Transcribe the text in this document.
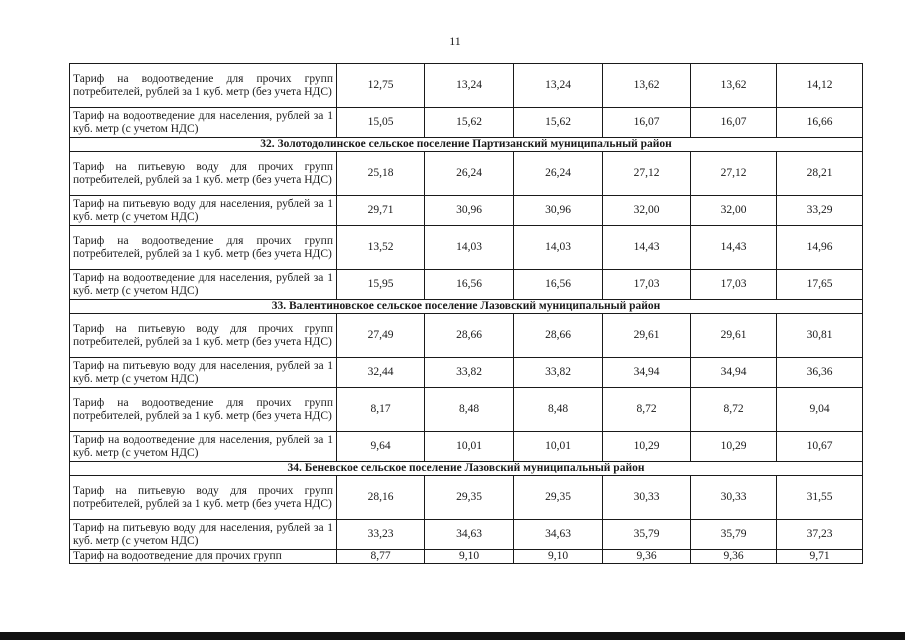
11
Тариф на водоотведение для прочих групп потребителей, рублей за 1 куб. метр (без учета НДС)	12,75	13,24	13,24	13,62	13,62	14,12
Тариф на водоотведение для населения, рублей за 1 куб. метр (с учетом НДС)	15,05	15,62	15,62	16,07	16,07	16,66
32. Золотодолинское сельское поселение Партизанский муниципальный район						
Тариф на питьевую воду для прочих групп потребителей, рублей за 1 куб. метр (без учета НДС)	25,18	26,24	26,24	27,12	27,12	28,21
Тариф на питьевую воду для населения, рублей за 1 куб. метр (с учетом НДС)	29,71	30,96	30,96	32,00	32,00	33,29
Тариф на водоотведение для прочих групп потребителей, рублей за 1 куб. метр (без учета НДС)	13,52	14,03	14,03	14,43	14,43	14,96
Тариф на водоотведение для населения, рублей за 1 куб. метр (с учетом НДС)	15,95	16,56	16,56	17,03	17,03	17,65
33. Валентиновское сельское поселение Лазовский муниципальный район						
Тариф на питьевую воду для прочих групп потребителей, рублей за 1 куб. метр (без учета НДС)	27,49	28,66	28,66	29,61	29,61	30,81
Тариф на питьевую воду для населения, рублей за 1 куб. метр (с учетом НДС)	32,44	33,82	33,82	34,94	34,94	36,36
Тариф на водоотведение для прочих групп потребителей, рублей за 1 куб. метр (без учета НДС)	8,17	8,48	8,48	8,72	8,72	9,04
Тариф на водоотведение для населения, рублей за 1 куб. метр (с учетом НДС)	9,64	10,01	10,01	10,29	10,29	10,67
34. Беневское сельское поселение Лазовский муниципальный район						
Тариф на питьевую воду для прочих групп потребителей, рублей за 1 куб. метр (без учета НДС)	28,16	29,35	29,35	30,33	30,33	31,55
Тариф на питьевую воду для населения, рублей за 1 куб. метр (с учетом НДС)	33,23	34,63	34,63	35,79	35,79	37,23
Тариф на водоотведение для прочих групп	8,77	9,10	9,10	9,36	9,36	9,71
